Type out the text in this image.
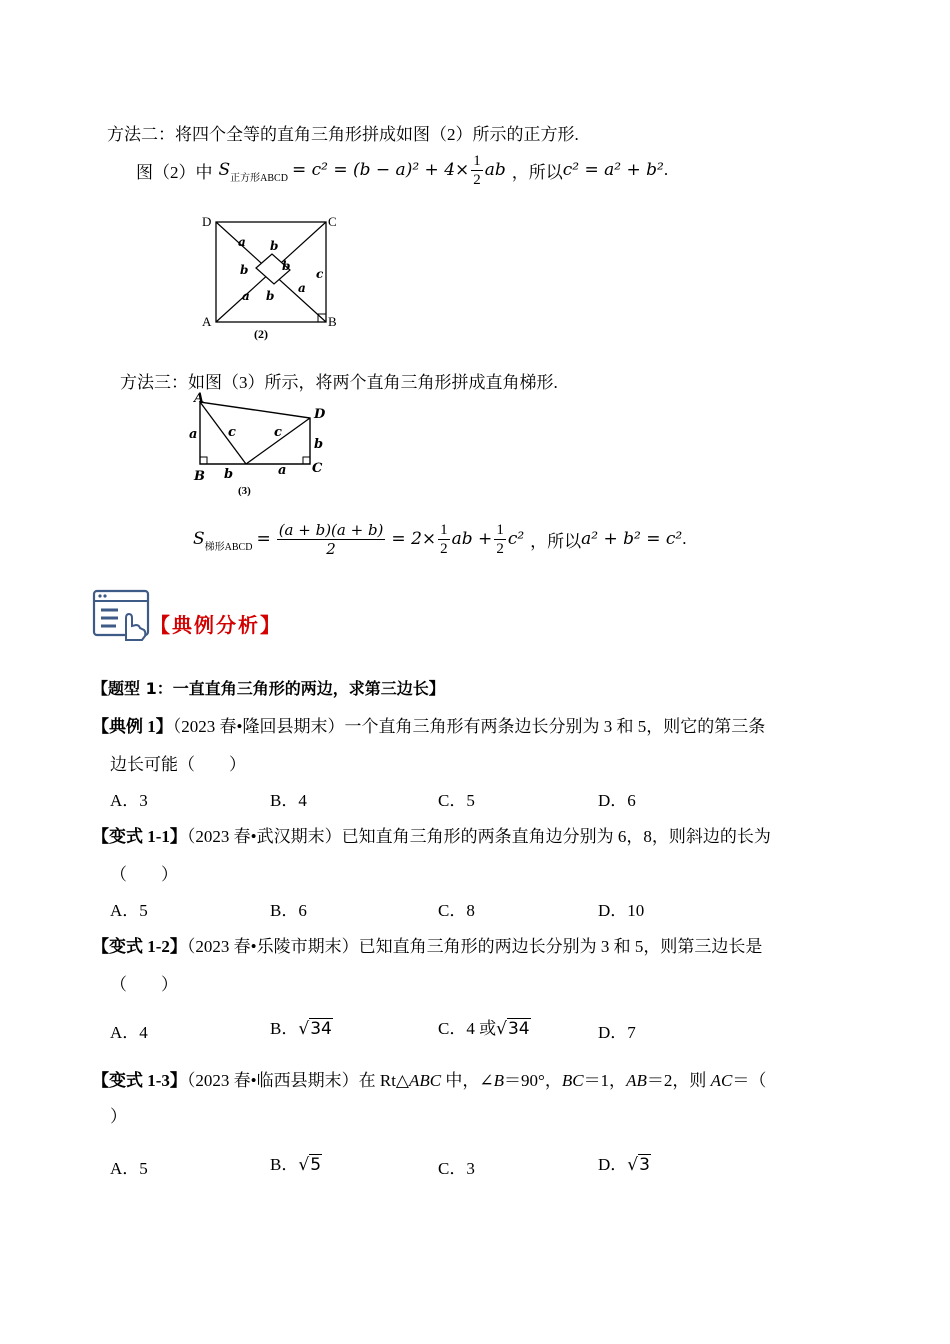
方法二：将四个全等的直角三角形拼成如图（2）所示的正方形.
图（2）中 S 正方形ABCD = $c^2 = (b - a)^2 + 4\times \frac{1}{2}$ ab ，所以 c² = a² + b² .
a b
b	b
b
a
a
c
D	C
A	B
(2)
方法三：如图（3）所示，将两个直角三角形拼成直角梯形.
A
D
B
C
a c	c
b
b	a
(3)
S 梯形ABCD = $\frac{(a + b)(a + b)}{2} = 2\times \frac{1}{2}$ ab + $\frac{1}{2} c^2$ ，所以 a² + b² = c² .
【典例分析】
【题型 1：一直直角三角形的两边，求第三边长】
【典例 1】（2023 春•隆回县期末）一个直角三角形有两条边长分别为 3 和 5，则它的第三条
边长可能（　　）
A．3	B．4	C．5	D．6
【变式 1-1】（2023 春•武汉期末）已知直角三角形的两条直角边分别为 6，8，则斜边的长为
（　　）
A．5	B．6	C．8	D．10
【变式 1-2】（2023 春•乐陵市期末）已知直角三角形的两边长分别为 3 和 5，则第三边长是
（　　）
A．4	B．√34	C．4 或√34	D．7
【变式 1-3】（2023 春•临西县期末）在 Rt△ABC 中，∠B＝90°，BC＝1，AB＝2，则 AC＝（
）
A．5	B．√5	C．3	D．√3
